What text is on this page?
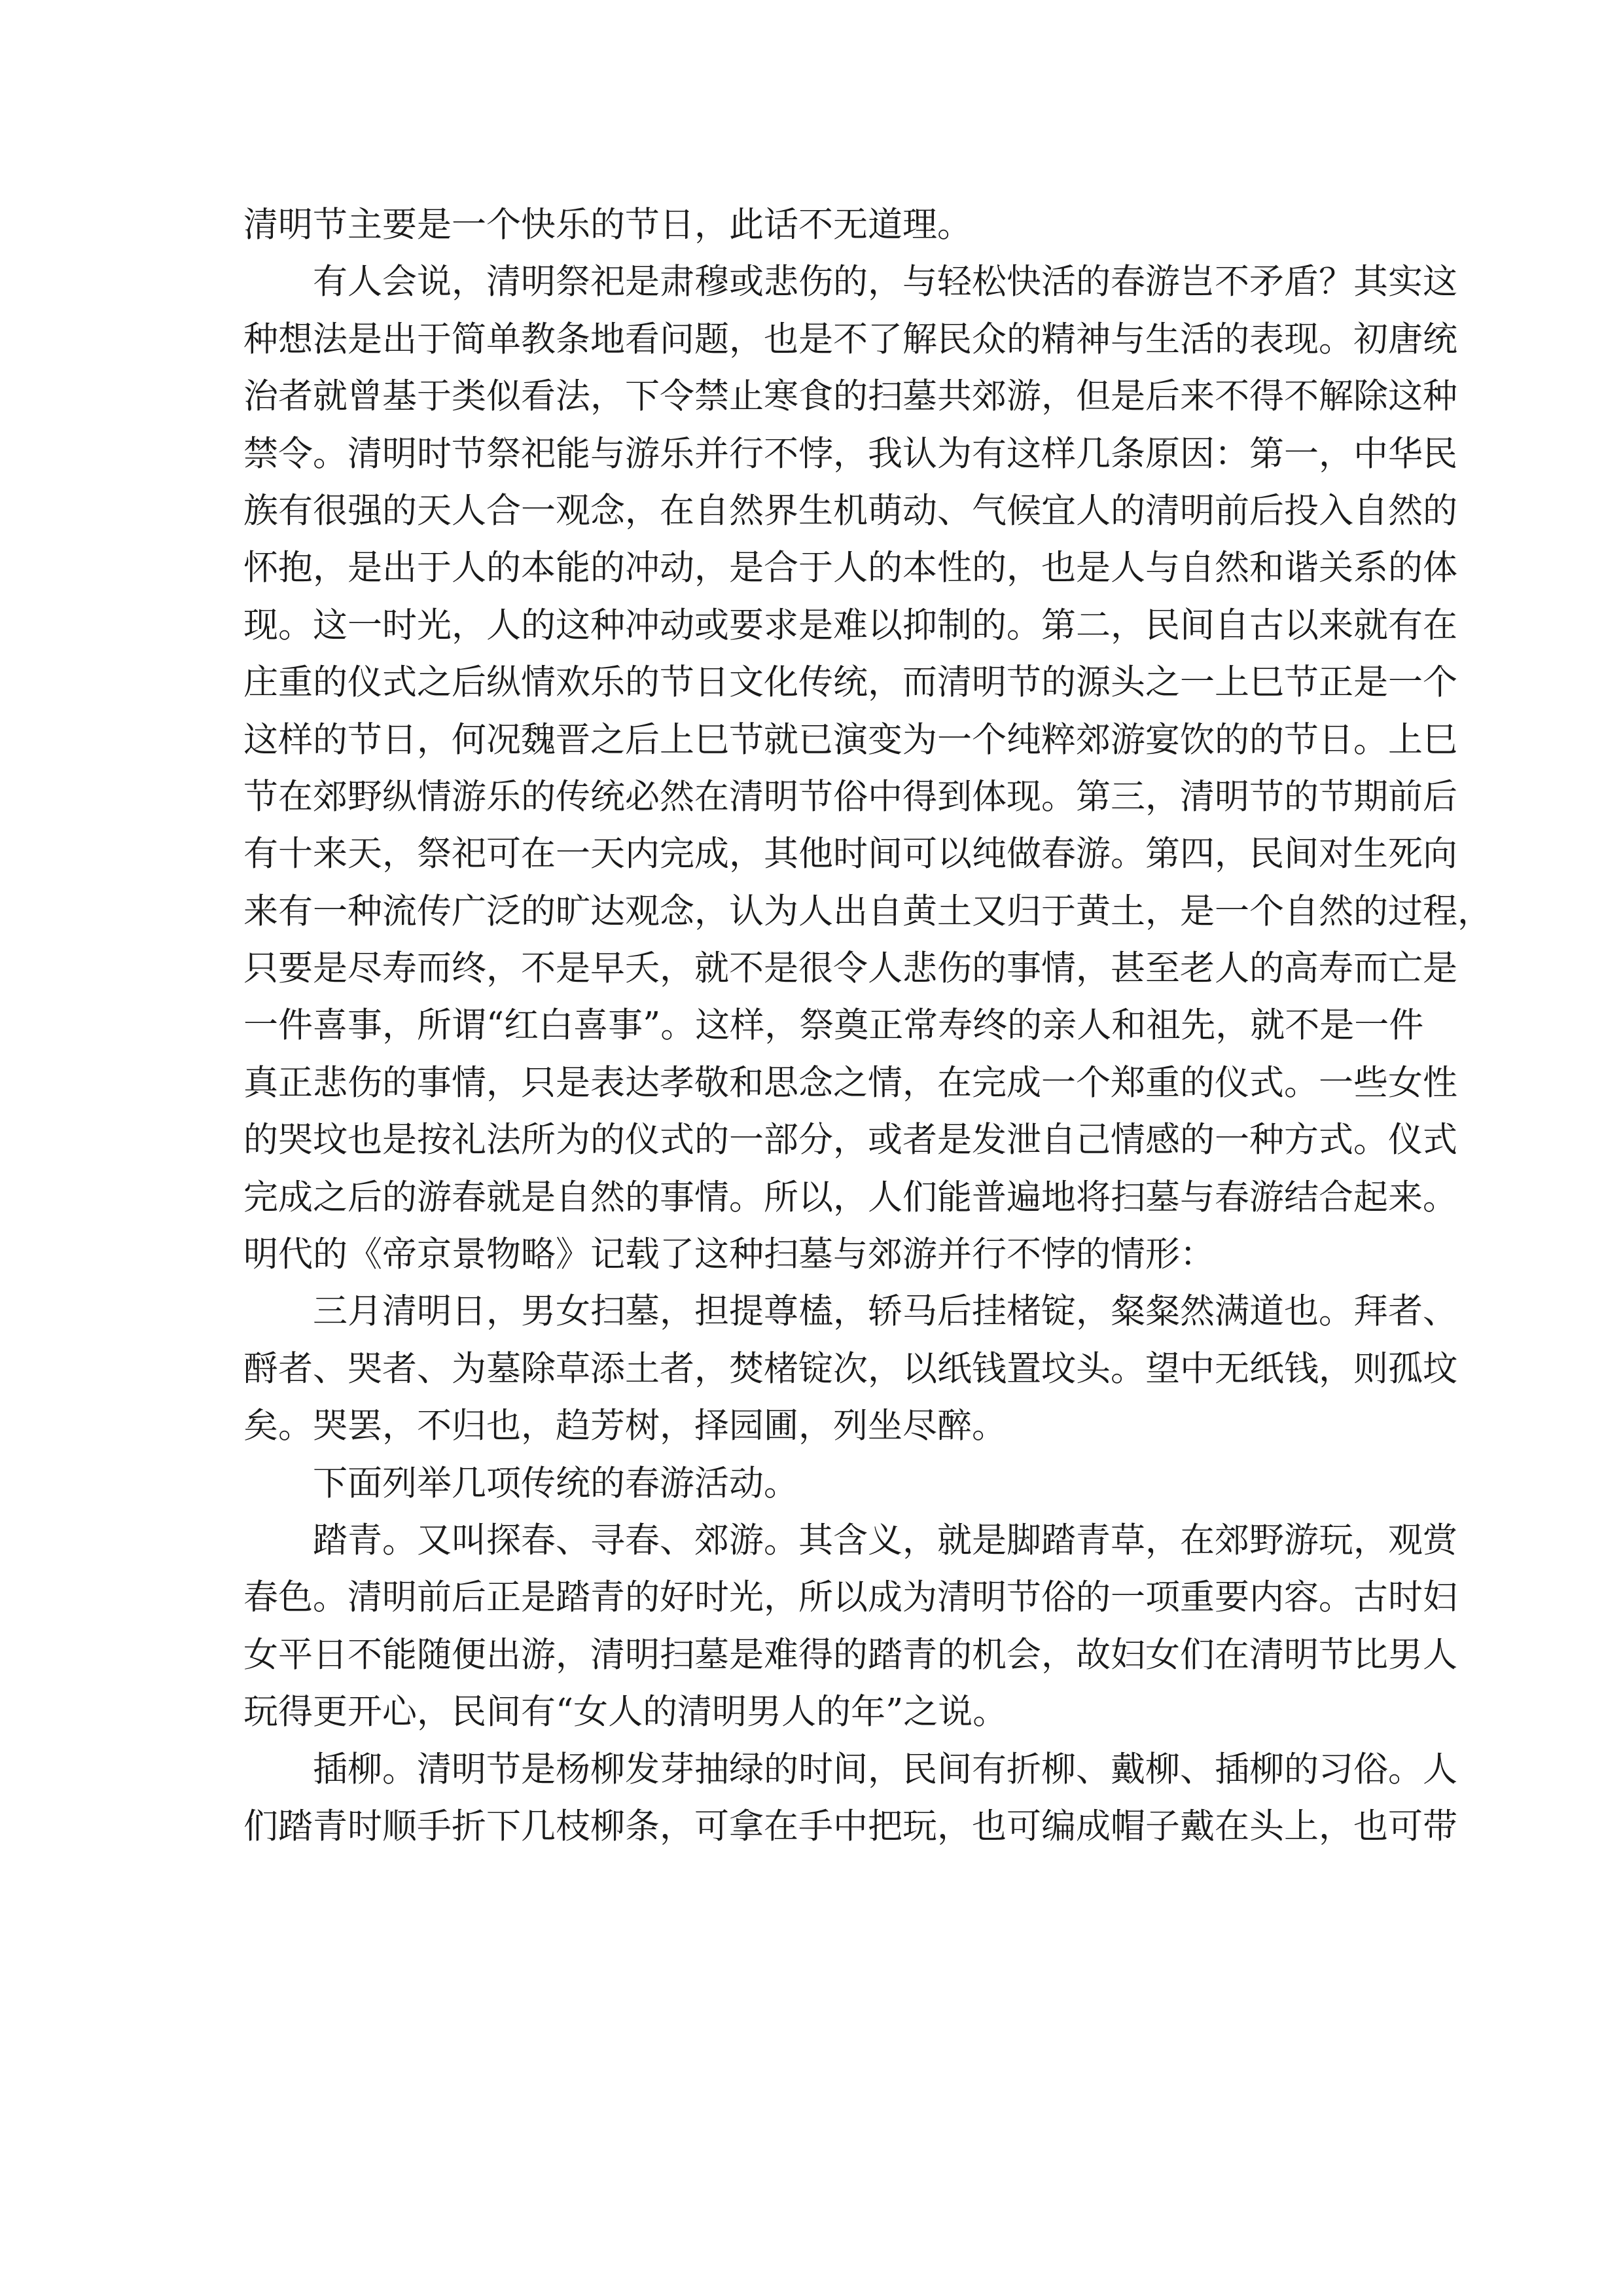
清明节主要是一个快乐的节日，此话不无道理。
有人会说，清明祭祀是肃穆或悲伤的，与轻松快活的春游岂不矛盾？其实这
种想法是出于简单教条地看问题，也是不了解民众的精神与生活的表现。初唐统
治者就曾基于类似看法，下令禁止寒食的扫墓共郊游，但是后来不得不解除这种
禁令。清明时节祭祀能与游乐并行不悖，我认为有这样几条原因：第一，中华民
族有很强的天人合一观念，在自然界生机萌动、气候宜人的清明前后投入自然的
怀抱，是出于人的本能的冲动，是合于人的本性的，也是人与自然和谐关系的体
现。这一时光，人的这种冲动或要求是难以抑制的。第二，民间自古以来就有在
庄重的仪式之后纵情欢乐的节日文化传统，而清明节的源头之一上巳节正是一个
这样的节日，何况魏晋之后上巳节就已演变为一个纯粹郊游宴饮的的节日。上巳
节在郊野纵情游乐的传统必然在清明节俗中得到体现。第三，清明节的节期前后
有十来天，祭祀可在一天内完成，其他时间可以纯做春游。第四，民间对生死向
来有一种流传广泛的旷达观念，认为人出自黄土又归于黄土，是一个自然的过程，
只要是尽寿而终，不是早夭，就不是很令人悲伤的事情，甚至老人的高寿而亡是
一件喜事，所谓“红白喜事”。这样，祭奠正常寿终的亲人和祖先，就不是一件
真正悲伤的事情，只是表达孝敬和思念之情，在完成一个郑重的仪式。一些女性
的哭坟也是按礼法所为的仪式的一部分，或者是发泄自己情感的一种方式。仪式
完成之后的游春就是自然的事情。所以，人们能普遍地将扫墓与春游结合起来。
明代的《帝京景物略》记载了这种扫墓与郊游并行不悖的情形：
三月清明日，男女扫墓，担提尊榼，轿马后挂楮锭，粲粲然满道也。拜者、
酹者、哭者、为墓除草添土者，焚楮锭次，以纸钱置坟头。望中无纸钱，则孤坟
矣。哭罢，不归也，趋芳树，择园圃，列坐尽醉。
下面列举几项传统的春游活动。
踏青。又叫探春、寻春、郊游。其含义，就是脚踏青草，在郊野游玩，观赏
春色。清明前后正是踏青的好时光，所以成为清明节俗的一项重要内容。古时妇
女平日不能随便出游，清明扫墓是难得的踏青的机会，故妇女们在清明节比男人
玩得更开心，民间有“女人的清明男人的年”之说。
插柳。清明节是杨柳发芽抽绿的时间，民间有折柳、戴柳、插柳的习俗。人
们踏青时顺手折下几枝柳条，可拿在手中把玩，也可编成帽子戴在头上，也可带
